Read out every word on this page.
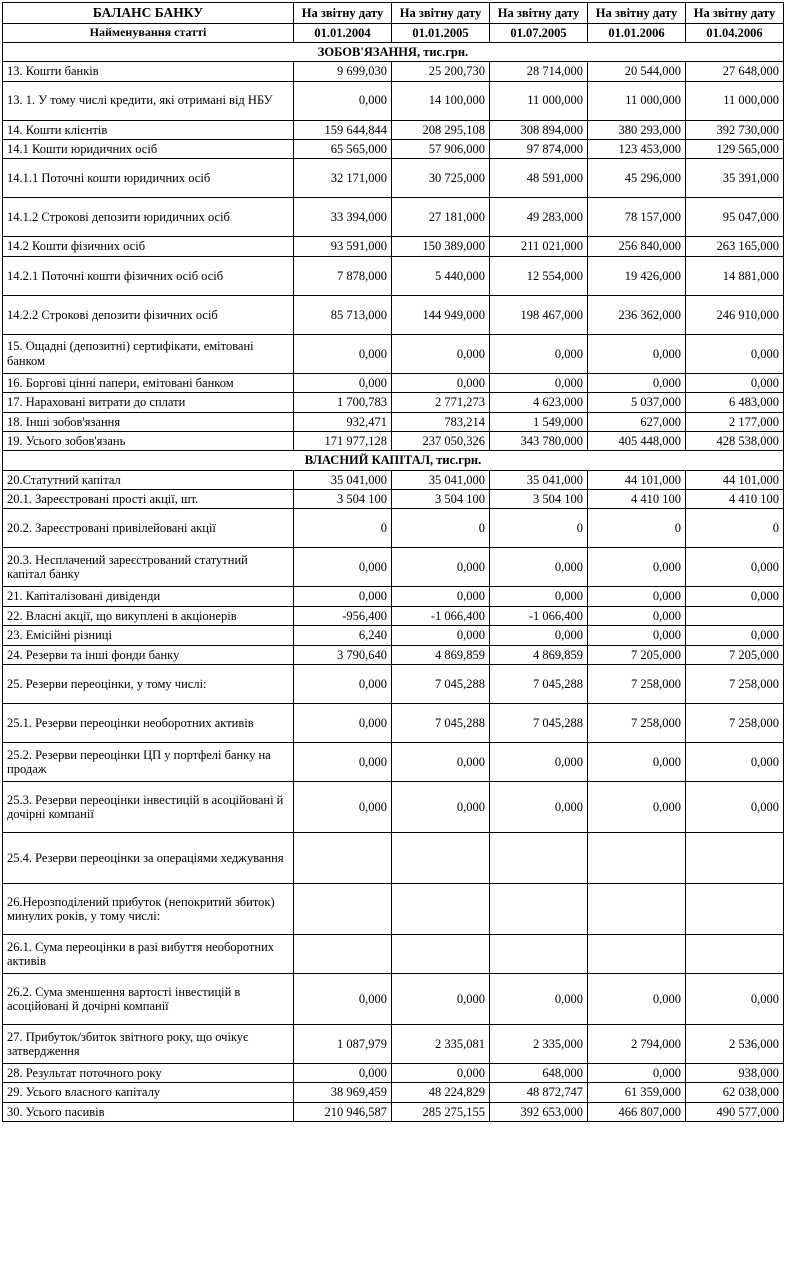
БАЛАНС БАНКУ	На звітну дату	На звітну дату	На звітну дату	На звітну дату	На звітну дату
Найменування статті	01.01.2004	01.01.2005	01.07.2005	01.01.2006	01.04.2006
ЗОБОВ'ЯЗАННЯ, тис.грн.					
13. Кошти банків	9 699,030	25 200,730	28 714,000	20 544,000	27 648,000
13. 1. У тому числі кредити, які отримані від НБУ	0,000	14 100,000	11 000,000	11 000,000	11 000,000
14. Кошти клієнтів	159 644,844	208 295,108	308 894,000	380 293,000	392 730,000
14.1 Кошти юридичних осіб	65 565,000	57 906,000	97 874,000	123 453,000	129 565,000
14.1.1 Поточні кошти юридичних осіб	32 171,000	30 725,000	48 591,000	45 296,000	35 391,000
14.1.2 Строкові депозити юридичних осіб	33 394,000	27 181,000	49 283,000	78 157,000	95 047,000
14.2 Кошти фізичних осіб	93 591,000	150 389,000	211 021,000	256 840,000	263 165,000
14.2.1 Поточні кошти фізичних осіб осіб	7 878,000	5 440,000	12 554,000	19 426,000	14 881,000
14.2.2 Строкові депозити фізичних осіб	85 713,000	144 949,000	198 467,000	236 362,000	246 910,000
15. Ощадні (депозитні) сертифікати, емітовані банком	0,000	0,000	0,000	0,000	0,000
16. Боргові цінні папери, емітовані банком	0,000	0,000	0,000	0,000	0,000
17. Нараховані витрати до сплати	1 700,783	2 771,273	4 623,000	5 037,000	6 483,000
18. Інші зобов'язання	932,471	783,214	1 549,000	627,000	2 177,000
19. Усього зобов'язань	171 977,128	237 050,326	343 780,000	405 448,000	428 538,000
ВЛАСНИЙ КАПІТАЛ, тис.грн.					
20.Статутний капітал	35 041,000	35 041,000	35 041,000	44 101,000	44 101,000
20.1. Зареєстровані прості акції, шт.	3 504 100	3 504 100	3 504 100	4 410 100	4 410 100
20.2. Зареєстровані привілейовані акції	0	0	0	0	0
20.3. Несплачений зареєстрований статутний капітал банку	0,000	0,000	0,000	0,000	0,000
21. Капіталізовані дивіденди	0,000	0,000	0,000	0,000	0,000
22. Власні акції, що викуплені в акціонерів	-956,400	-1 066,400	-1 066,400	0,000	
23. Емісійні різниці	6,240	0,000	0,000	0,000	0,000
24. Резерви та інші фонди банку	3 790,640	4 869,859	4 869,859	7 205,000	7 205,000
25. Резерви переоцінки, у тому числі:	0,000	7 045,288	7 045,288	7 258,000	7 258,000
25.1. Резерви переоцінки необоротних активів	0,000	7 045,288	7 045,288	7 258,000	7 258,000
25.2. Резерви переоцінки ЦП у портфелі банку на продаж	0,000	0,000	0,000	0,000	0,000
25.3. Резерви переоцінки інвестицій в асоційовані й дочірні компанії	0,000	0,000	0,000	0,000	0,000
25.4. Резерви переоцінки за операціями хеджування					
26.Нерозподілений прибуток (непокритий збиток) минулих років, у тому числі:					
26.1. Сума переоцінки в разі вибуття необоротних активів					
26.2. Сума зменшення вартості інвестицій в асоційовані й дочірні компанії	0,000	0,000	0,000	0,000	0,000
27. Прибуток/збиток звітного року, що очікує затвердження	1 087,979	2 335,081	2 335,000	2 794,000	2 536,000
28. Результат поточного року	0,000	0,000	648,000	0,000	938,000
29. Усього власного капіталу	38 969,459	48 224,829	48 872,747	61 359,000	62 038,000
30. Усього пасивів	210 946,587	285 275,155	392 653,000	466 807,000	490 577,000
